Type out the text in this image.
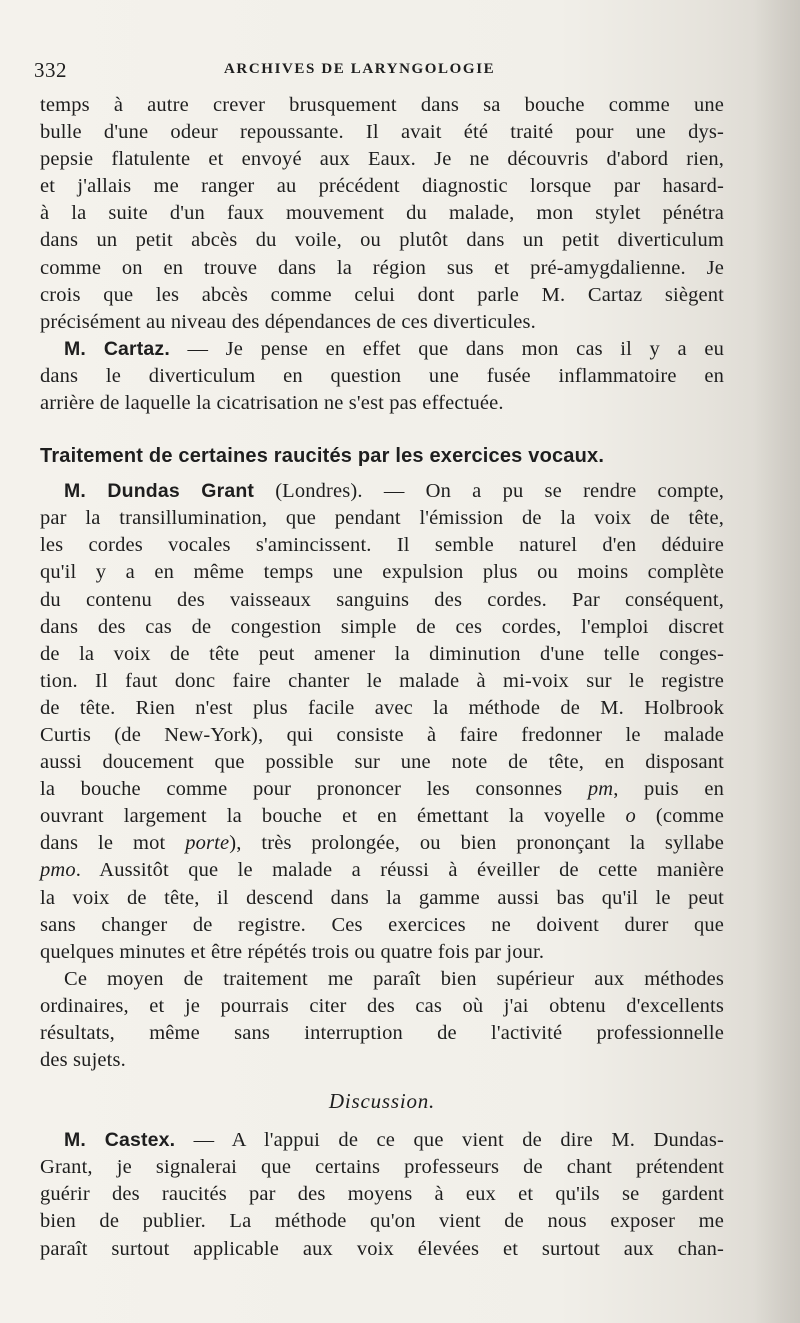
332	ARCHIVES DE LARYNGOLOGIE
temps à autre crever brusquement dans sa bouche comme une
bulle d'une odeur repoussante. Il avait été traité pour une dys-
pepsie flatulente et envoyé aux Eaux. Je ne découvris d'abord rien,
et j'allais me ranger au précédent diagnostic lorsque par hasard-
à la suite d'un faux mouvement du malade, mon stylet pénétra
dans un petit abcès du voile, ou plutôt dans un petit diverticulum
comme on en trouve dans la région sus et pré-amygdalienne. Je
crois que les abcès comme celui dont parle M. Cartaz siègent
précisément au niveau des dépendances de ces diverticules.
M. Cartaz. — Je pense en effet que dans mon cas il y a eu
dans le diverticulum en question une fusée inflammatoire en
arrière de laquelle la cicatrisation ne s'est pas effectuée.
Traitement de certaines raucités par les exercices vocaux.
M. Dundas Grant (Londres). — On a pu se rendre compte,
par la transillumination, que pendant l'émission de la voix de tête,
les cordes vocales s'amincissent. Il semble naturel d'en déduire
qu'il y a en même temps une expulsion plus ou moins complète
du contenu des vaisseaux sanguins des cordes. Par conséquent,
dans des cas de congestion simple de ces cordes, l'emploi discret
de la voix de tête peut amener la diminution d'une telle conges-
tion. Il faut donc faire chanter le malade à mi-voix sur le registre
de tête. Rien n'est plus facile avec la méthode de M. Holbrook
Curtis (de New-York), qui consiste à faire fredonner le malade
aussi doucement que possible sur une note de tête, en disposant
la bouche comme pour prononcer les consonnes pm, puis en
ouvrant largement la bouche et en émettant la voyelle o (comme
dans le mot porte), très prolongée, ou bien prononçant la syllabe
pmo. Aussitôt que le malade a réussi à éveiller de cette manière
la voix de tête, il descend dans la gamme aussi bas qu'il le peut
sans changer de registre. Ces exercices ne doivent durer que
quelques minutes et être répétés trois ou quatre fois par jour.
Ce moyen de traitement me paraît bien supérieur aux méthodes
ordinaires, et je pourrais citer des cas où j'ai obtenu d'excellents
résultats, même sans interruption de l'activité professionnelle
des sujets.
Discussion.
M. Castex. — A l'appui de ce que vient de dire M. Dundas-
Grant, je signalerai que certains professeurs de chant prétendent
guérir des raucités par des moyens à eux et qu'ils se gardent
bien de publier. La méthode qu'on vient de nous exposer me
paraît surtout applicable aux voix élevées et surtout aux chan-
